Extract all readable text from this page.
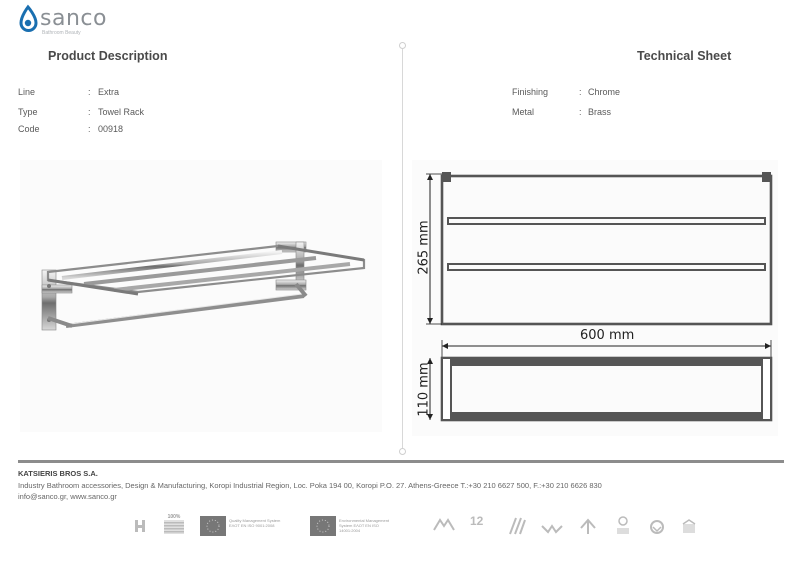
sanco
Bathroom Beauty
Product Description	Technical Sheet
Line	: Extra
Type	: Towel Rack
Code	: 00918
Finishing	: Chrome
Metal	: Brass
265 mm
600 mm
110 mm
KATSIERIS BROS S.A.
Industry Bathroom accessories, Design & Manufacturing, Koropi Industrial Region, Loc. Poka 194 00, Koropi P.O. 27. Athens-Greece T.:+30 210 6627 500, F.:+30 210 6626 830
info@sanco.gr, www.sanco.gr
100%
Quality Management System ΕΛΟΤ EN ISO 9001:2008
Environmental Management System ΕΛΟΤ EN ISO 14001:2004
12
